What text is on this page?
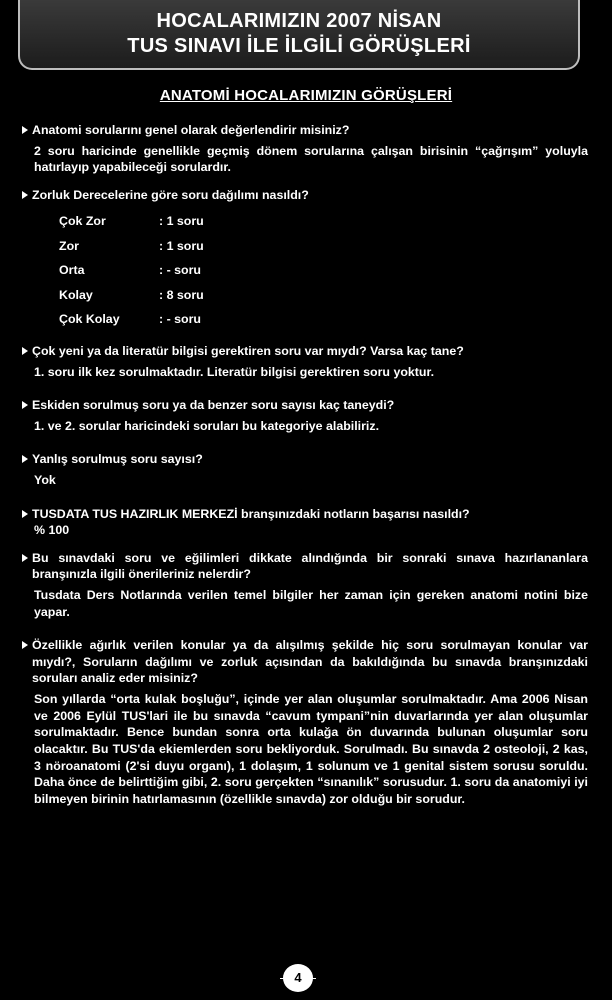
HOCALARIMIZIN 2007 NİSAN
TUS SINAVI İLE İLGİLİ GÖRÜŞLERİ
ANATOMİ HOCALARIMIZIN GÖRÜŞLERİ
Anatomi sorularını genel olarak değerlendirir misiniz?
2 soru haricinde genellikle geçmiş dönem sorularına çalışan birisinin “çağrışım” yoluyla hatırlayıp yapabileceği sorulardır.
Zorluk Derecelerine göre soru dağılımı nasıldı?
Çok Zor	: 1 soru
Zor	: 1 soru
Orta	: - soru
Kolay	: 8 soru
Çok Kolay	: - soru
Çok yeni ya da literatür bilgisi gerektiren soru var mıydı? Varsa kaç tane?
1. soru ilk kez sorulmaktadır. Literatür bilgisi gerektiren soru yoktur.
Eskiden sorulmuş soru ya da benzer soru sayısı kaç taneydi?
1. ve 2. sorular haricindeki soruları bu kategoriye alabiliriz.
Yanlış sorulmuş soru sayısı?
Yok
TUSDATA TUS HAZIRLIK MERKEZİ branşınızdaki notların başarısı nasıldı?
% 100
Bu sınavdaki soru ve eğilimleri dikkate alındığında bir sonraki sınava hazırlananlara branşınızla ilgili önerileriniz nelerdir?
Tusdata Ders Notlarında verilen temel bilgiler her zaman için gereken anatomi notini bize yapar.
Özellikle ağırlık verilen konular ya da alışılmış şekilde hiç soru sorulmayan konular var mıydı?, Soruların dağılımı ve zorluk açısından da bakıldığında bu sınavda branşınızdaki soruları analiz eder misiniz?
Son yıllarda “orta kulak boşluğu”, içinde yer alan oluşumlar sorulmaktadır. Ama 2006 Nisan ve 2006 Eylül TUS'lari ile bu sınavda “cavum tympani”nin duvarlarında yer alan oluşumlar sorulmaktadır. Bence bundan sonra orta kulağa ön duvarında bulunan oluşumlar soru olacaktır. Bu TUS'da ekiemlerden soru bekliyorduk. Sorulmadı. Bu sınavda 2 osteoloji, 2 kas, 3 nöroanatomi (2'si duyu organı), 1 dolaşım, 1 solunum ve 1 genital sistem sorusu soruldu. Daha önce de belirttiğim gibi, 2. soru gerçekten “sınanılık” sorusudur. 1. soru da anatomiyi iyi bilmeyen birinin hatırlamasının (özellikle sınavda) zor olduğu bir sorudur.
4
